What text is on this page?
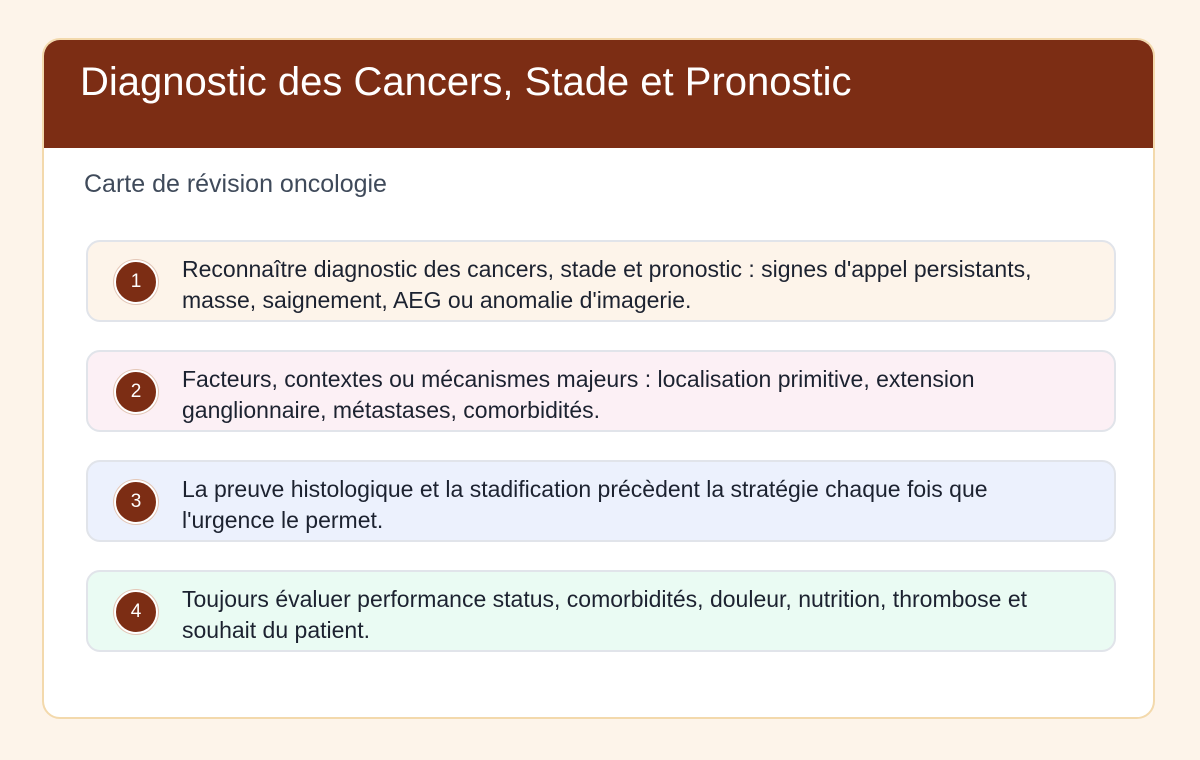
Diagnostic des Cancers, Stade et Pronostic

Carte de révision oncologie

1	Reconnaître diagnostic des cancers, stade et pronostic : signes d'appel persistants, masse, saignement, AEG ou anomalie d'imagerie.

2	Facteurs, contextes ou mécanismes majeurs : localisation primitive, extension ganglionnaire, métastases, comorbidités.

3	La preuve histologique et la stadification précèdent la stratégie chaque fois que l'urgence le permet.

4	Toujours évaluer performance status, comorbidités, douleur, nutrition, thrombose et souhait du patient.
